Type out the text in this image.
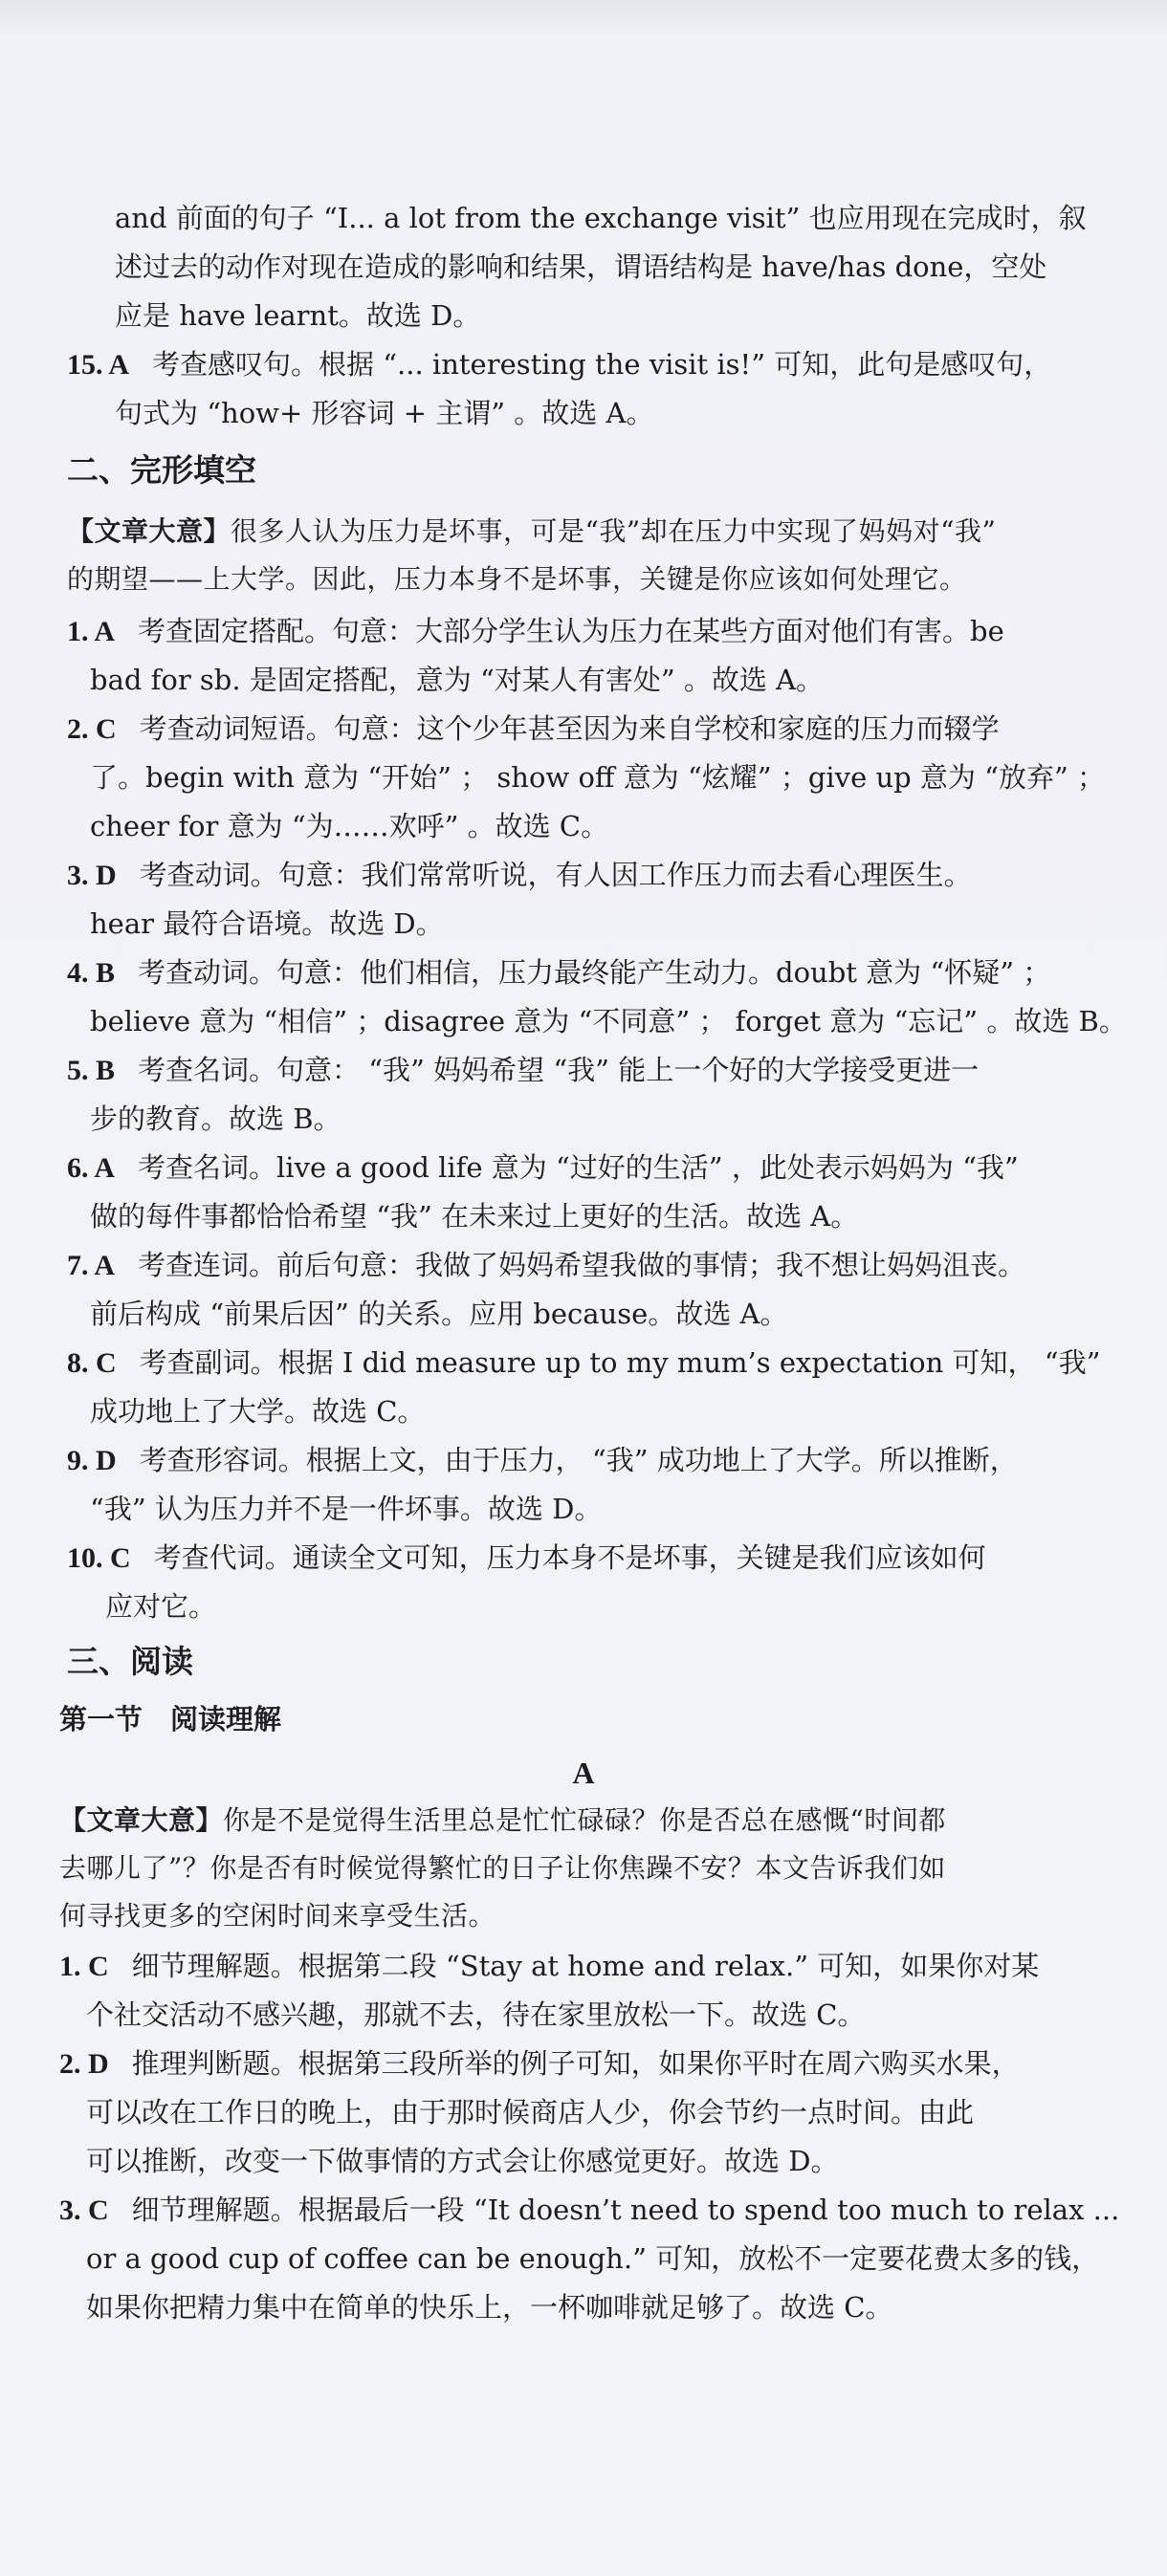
and 前面的句子 “I... a lot from the exchange visit” 也应用现在完成时，叙
述过去的动作对现在造成的影响和结果，谓语结构是 have/has done，空处
应是 have learnt。故选 D。
15. A 考查感叹句。根据 “... interesting the visit is!” 可知，此句是感叹句，
句式为 “how+ 形容词 + 主谓” 。故选 A。
二、完形填空
【文章大意】很多人认为压力是坏事，可是“我”却在压力中实现了妈妈对“我”
的期望——上大学。因此，压力本身不是坏事，关键是你应该如何处理它。
1. A 考查固定搭配。句意：大部分学生认为压力在某些方面对他们有害。be
bad for sb. 是固定搭配，意为 “对某人有害处” 。故选 A。
2. C 考查动词短语。句意：这个少年甚至因为来自学校和家庭的压力而辍学
了。begin with 意为 “开始” ； show off 意为 “炫耀” ；give up 意为 “放弃” ；
cheer for 意为 “为……欢呼” 。故选 C。
3. D 考查动词。句意：我们常常听说，有人因工作压力而去看心理医生。
hear 最符合语境。故选 D。
4. B 考查动词。句意：他们相信，压力最终能产生动力。doubt 意为 “怀疑” ；
believe 意为 “相信” ；disagree 意为 “不同意” ； forget 意为 “忘记” 。故选 B。
5. B 考查名词。句意： “我” 妈妈希望 “我” 能上一个好的大学接受更进一
步的教育。故选 B。
6. A 考查名词。live a good life 意为 “过好的生活” ，此处表示妈妈为 “我”
做的每件事都恰恰希望 “我” 在未来过上更好的生活。故选 A。
7. A 考查连词。前后句意：我做了妈妈希望我做的事情；我不想让妈妈沮丧。
前后构成 “前果后因” 的关系。应用 because。故选 A。
8. C 考查副词。根据 I did measure up to my mum’s expectation 可知， “我”
成功地上了大学。故选 C。
9. D 考查形容词。根据上文，由于压力， “我” 成功地上了大学。所以推断，
“我” 认为压力并不是一件坏事。故选 D。
10. C 考查代词。通读全文可知，压力本身不是坏事，关键是我们应该如何
应对它。
三、阅读
第一节　阅读理解
A
【文章大意】你是不是觉得生活里总是忙忙碌碌？你是否总在感慨“时间都
去哪儿了”？你是否有时候觉得繁忙的日子让你焦躁不安？本文告诉我们如
何寻找更多的空闲时间来享受生活。
1. C 细节理解题。根据第二段 “Stay at home and relax.” 可知，如果你对某
个社交活动不感兴趣，那就不去，待在家里放松一下。故选 C。
2. D 推理判断题。根据第三段所举的例子可知，如果你平时在周六购买水果，
可以改在工作日的晚上，由于那时候商店人少，你会节约一点时间。由此
可以推断，改变一下做事情的方式会让你感觉更好。故选 D。
3. C 细节理解题。根据最后一段 “It doesn’t need to spend too much to relax ...
or a good cup of coffee can be enough.” 可知，放松不一定要花费太多的钱，
如果你把精力集中在简单的快乐上，一杯咖啡就足够了。故选 C。
